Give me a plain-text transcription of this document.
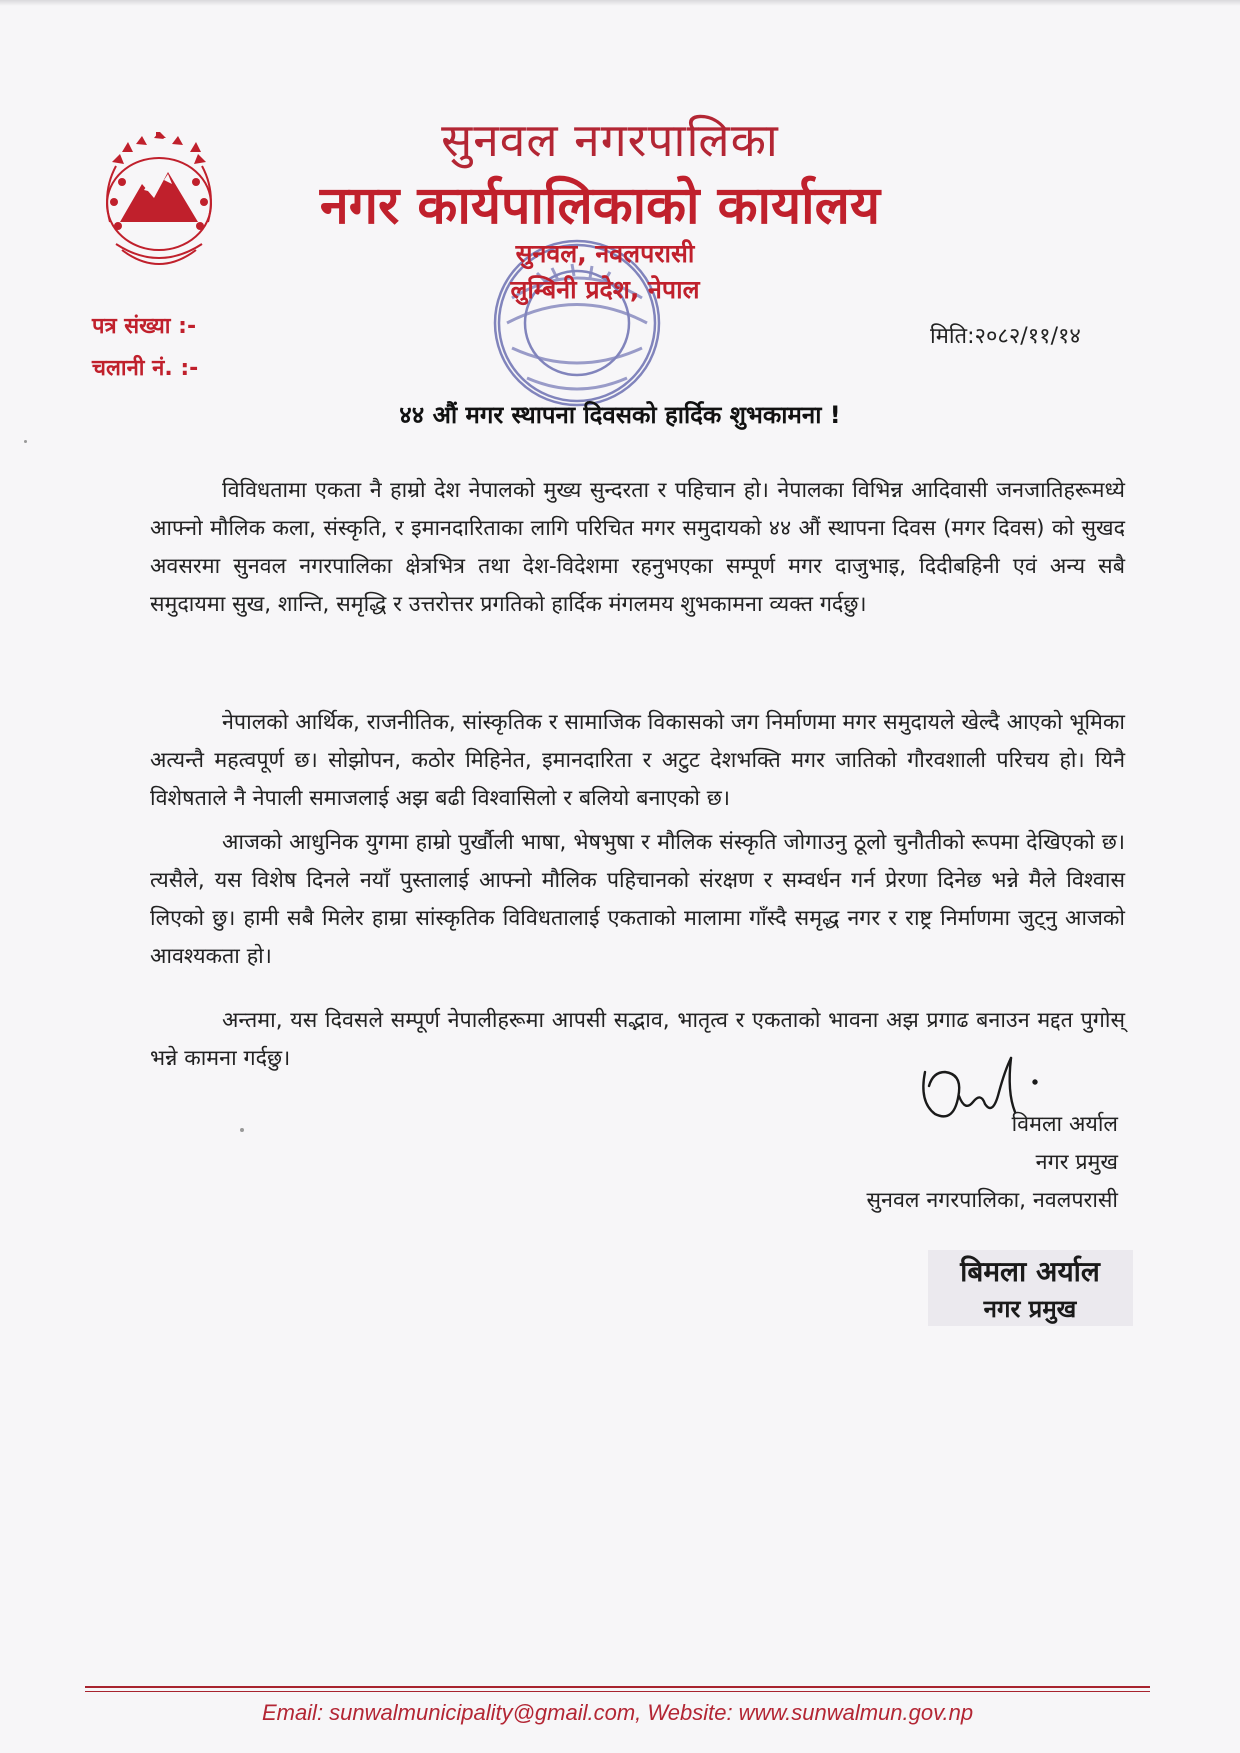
सुनवल नगरपालिका
नगर कार्यपालिकाको कार्यालय
सुनवल, नवलपरासी
लुम्बिनी प्रदेश, नेपाल
पत्र संख्या :-
चलानी नं. :-
मिति:२०८२/११/१४
४४ औं मगर स्थापना दिवसको हार्दिक शुभकामना !
विविधतामा एकता नै हाम्रो देश नेपालको मुख्य सुन्दरता र पहिचान हो। नेपालका विभिन्न आदिवासी जनजातिहरूमध्ये आफ्नो मौलिक कला, संस्कृति, र इमानदारिताका लागि परिचित मगर समुदायको ४४ औं स्थापना दिवस (मगर दिवस) को सुखद अवसरमा सुनवल नगरपालिका क्षेत्रभित्र तथा देश-विदेशमा रहनुभएका सम्पूर्ण मगर दाजुभाइ, दिदीबहिनी एवं अन्य सबै समुदायमा सुख, शान्ति, समृद्धि र उत्तरोत्तर प्रगतिको हार्दिक मंगलमय शुभकामना व्यक्त गर्दछु।
नेपालको आर्थिक, राजनीतिक, सांस्कृतिक र सामाजिक विकासको जग निर्माणमा मगर समुदायले खेल्दै आएको भूमिका अत्यन्तै महत्वपूर्ण छ। सोझोपन, कठोर मिहिनेत, इमानदारिता र अटुट देशभक्ति मगर जातिको गौरवशाली परिचय हो। यिनै विशेषताले नै नेपाली समाजलाई अझ बढी विश्वासिलो र बलियो बनाएको छ।
आजको आधुनिक युगमा हाम्रो पुर्खौली भाषा, भेषभुषा र मौलिक संस्कृति जोगाउनु ठूलो चुनौतीको रूपमा देखिएको छ। त्यसैले, यस विशेष दिनले नयाँ पुस्तालाई आफ्नो मौलिक पहिचानको संरक्षण र सम्वर्धन गर्न प्रेरणा दिनेछ भन्ने मैले विश्वास लिएको छु। हामी सबै मिलेर हाम्रा सांस्कृतिक विविधतालाई एकताको मालामा गाँस्दै समृद्ध नगर र राष्ट्र निर्माणमा जुट्नु आजको आवश्यकता हो।
अन्तमा, यस दिवसले सम्पूर्ण नेपालीहरूमा आपसी सद्भाव, भातृत्व र एकताको भावना अझ प्रगाढ बनाउन मद्दत पुगोस् भन्ने कामना गर्दछु।
विमला अर्याल
नगर प्रमुख
सुनवल नगरपालिका, नवलपरासी
बिमला अर्याल
नगर प्रमुख
Email: sunwalmunicipality@gmail.com, Website: www.sunwalmun.gov.np
